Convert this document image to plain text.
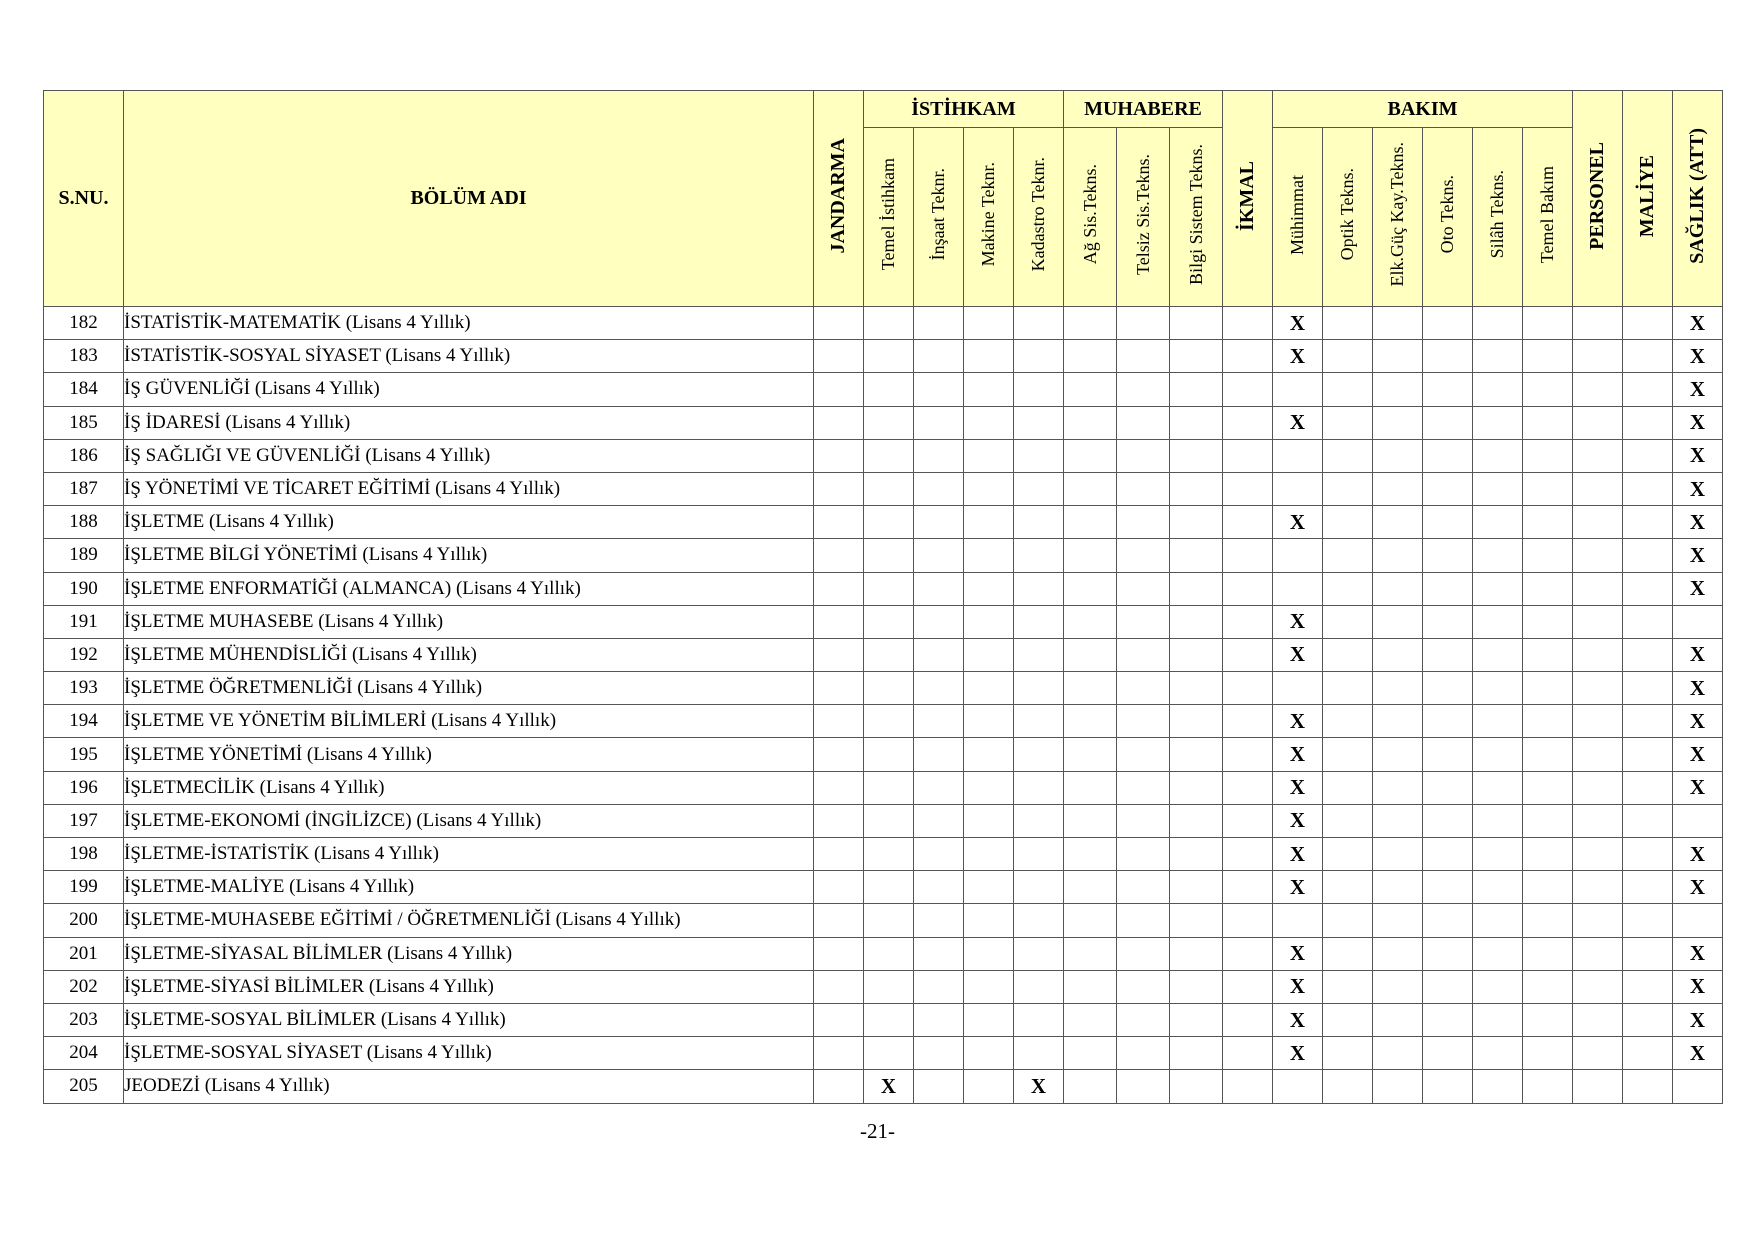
S.NU.	BÖLÜM ADI	JANDARMA	İSTİHKAM				MUHABERE			İKMAL	BAKIM						PERSONEL	MALİYE	SAĞLIK (ATT)
			Temel İstihkam	İnşaat Teknr.	Makine Teknr.	Kadastro Teknr.	Ağ Sis.Tekns.	Telsiz Sis.Tekns.	Bilgi Sistem Tekns.		Mühimmat	Optik Tekns.	Elk.Güç Kay.Tekns.	Oto Tekns.	Silâh Tekns.	Temel Bakım			
182	İSTATİSTİK-MATEMATİK (Lisans 4 Yıllık)										X								X
183	İSTATİSTİK-SOSYAL SİYASET (Lisans 4 Yıllık)										X								X
184	İŞ GÜVENLİĞİ (Lisans 4 Yıllık)																		X
185	İŞ İDARESİ (Lisans 4 Yıllık)										X								X
186	İŞ SAĞLIĞI VE GÜVENLİĞİ (Lisans 4 Yıllık)																		X
187	İŞ YÖNETİMİ VE TİCARET EĞİTİMİ (Lisans 4 Yıllık)																		X
188	İŞLETME (Lisans 4 Yıllık)										X								X
189	İŞLETME BİLGİ YÖNETİMİ (Lisans 4 Yıllık)																		X
190	İŞLETME ENFORMATİĞİ (ALMANCA) (Lisans 4 Yıllık)																		X
191	İŞLETME MUHASEBE (Lisans 4 Yıllık)										X								
192	İŞLETME MÜHENDİSLİĞİ (Lisans 4 Yıllık)										X								X
193	İŞLETME ÖĞRETMENLİĞİ (Lisans 4 Yıllık)																		X
194	İŞLETME VE YÖNETİM BİLİMLERİ (Lisans 4 Yıllık)										X								X
195	İŞLETME YÖNETİMİ (Lisans 4 Yıllık)										X								X
196	İŞLETMECİLİK (Lisans 4 Yıllık)										X								X
197	İŞLETME-EKONOMİ (İNGİLİZCE) (Lisans 4 Yıllık)										X								
198	İŞLETME-İSTATİSTİK (Lisans 4 Yıllık)										X								X
199	İŞLETME-MALİYE (Lisans 4 Yıllık)										X								X
200	İŞLETME-MUHASEBE EĞİTİMİ / ÖĞRETMENLİĞİ (Lisans 4 Yıllık)																		
201	İŞLETME-SİYASAL BİLİMLER (Lisans 4 Yıllık)										X								X
202	İŞLETME-SİYASİ BİLİMLER (Lisans 4 Yıllık)										X								X
203	İŞLETME-SOSYAL BİLİMLER (Lisans 4 Yıllık)										X								X
204	İŞLETME-SOSYAL SİYASET (Lisans 4 Yıllık)										X								X
205	JEODEZİ (Lisans 4 Yıllık)		X			X													
-21-
